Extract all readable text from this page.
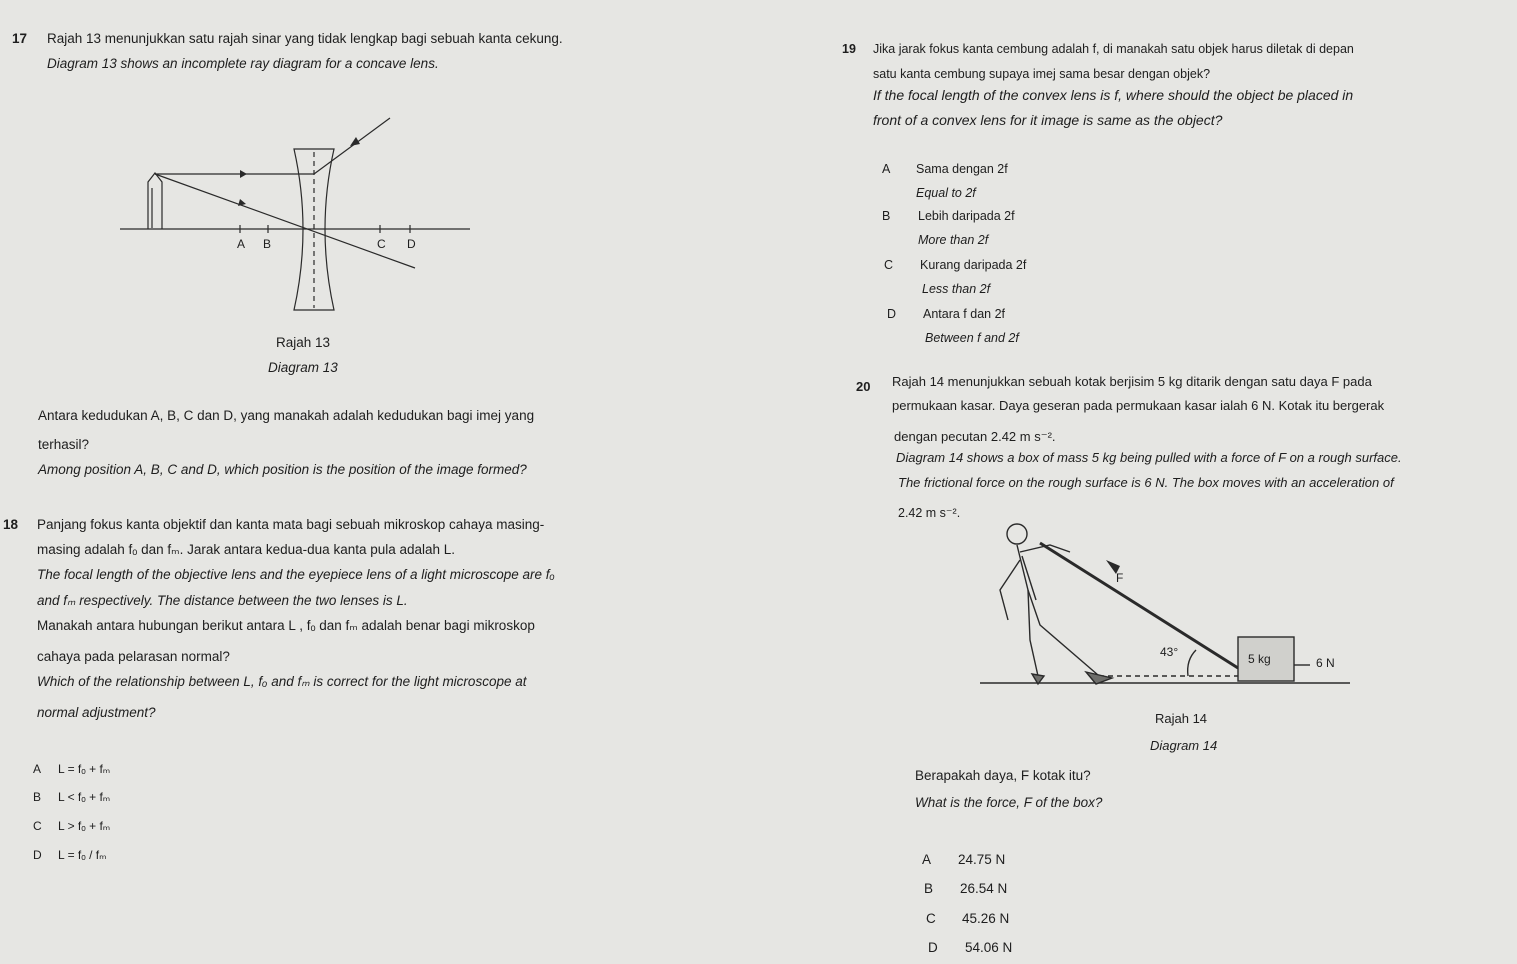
17 Rajah 13 menunjukkan satu rajah sinar yang tidak lengkap bagi sebuah kanta cekung.
Diagram 13 shows an incomplete ray diagram for a concave lens.
A B	C D
Rajah 13
Diagram 13
Antara kedudukan A, B, C dan D, yang manakah adalah kedudukan bagi imej yang
terhasil?
Among position A, B, C and D, which position is the position of the image formed?
18 Panjang fokus kanta objektif dan kanta mata bagi sebuah mikroskop cahaya masing-
masing adalah fₒ dan fₘ. Jarak antara kedua-dua kanta pula adalah L.
The focal length of the objective lens and the eyepiece lens of a light microscope are fₒ
and fₘ respectively. The distance between the two lenses is L.
Manakah antara hubungan berikut antara L , fₒ dan fₘ adalah benar bagi mikroskop
cahaya pada pelarasan normal?
Which of the relationship between L, fₒ and fₘ is correct for the light microscope at
normal adjustment?
A L = fₒ + fₘ
B L < fₒ + fₘ
C L > fₒ + fₘ
D L = fₒ / fₘ
19 Jika jarak fokus kanta cembung adalah f, di manakah satu objek harus diletak di depan
satu kanta cembung supaya imej sama besar dengan objek?
If the focal length of the convex lens is f, where should the object be placed in
front of a convex lens for it image is same as the object?
A Sama dengan 2f
Equal to 2f
B Lebih daripada 2f
More than 2f
C Kurang daripada 2f
Less than 2f
D Antara f dan 2f
Between f and 2f
20 Rajah 14 menunjukkan sebuah kotak berjisim 5 kg ditarik dengan satu daya F pada
permukaan kasar. Daya geseran pada permukaan kasar ialah 6 N. Kotak itu bergerak
dengan pecutan 2.42 m s⁻².
Diagram 14 shows a box of mass 5 kg being pulled with a force of F on a rough surface.
The frictional force on the rough surface is 6 N. The box moves with an acceleration of
2.42 m s⁻².
F
43°	5 kg	6 N
Rajah 14
Diagram 14
Berapakah daya, F kotak itu?
What is the force, F of the box?
A 24.75 N
B 26.54 N
C 45.26 N
D 54.06 N
